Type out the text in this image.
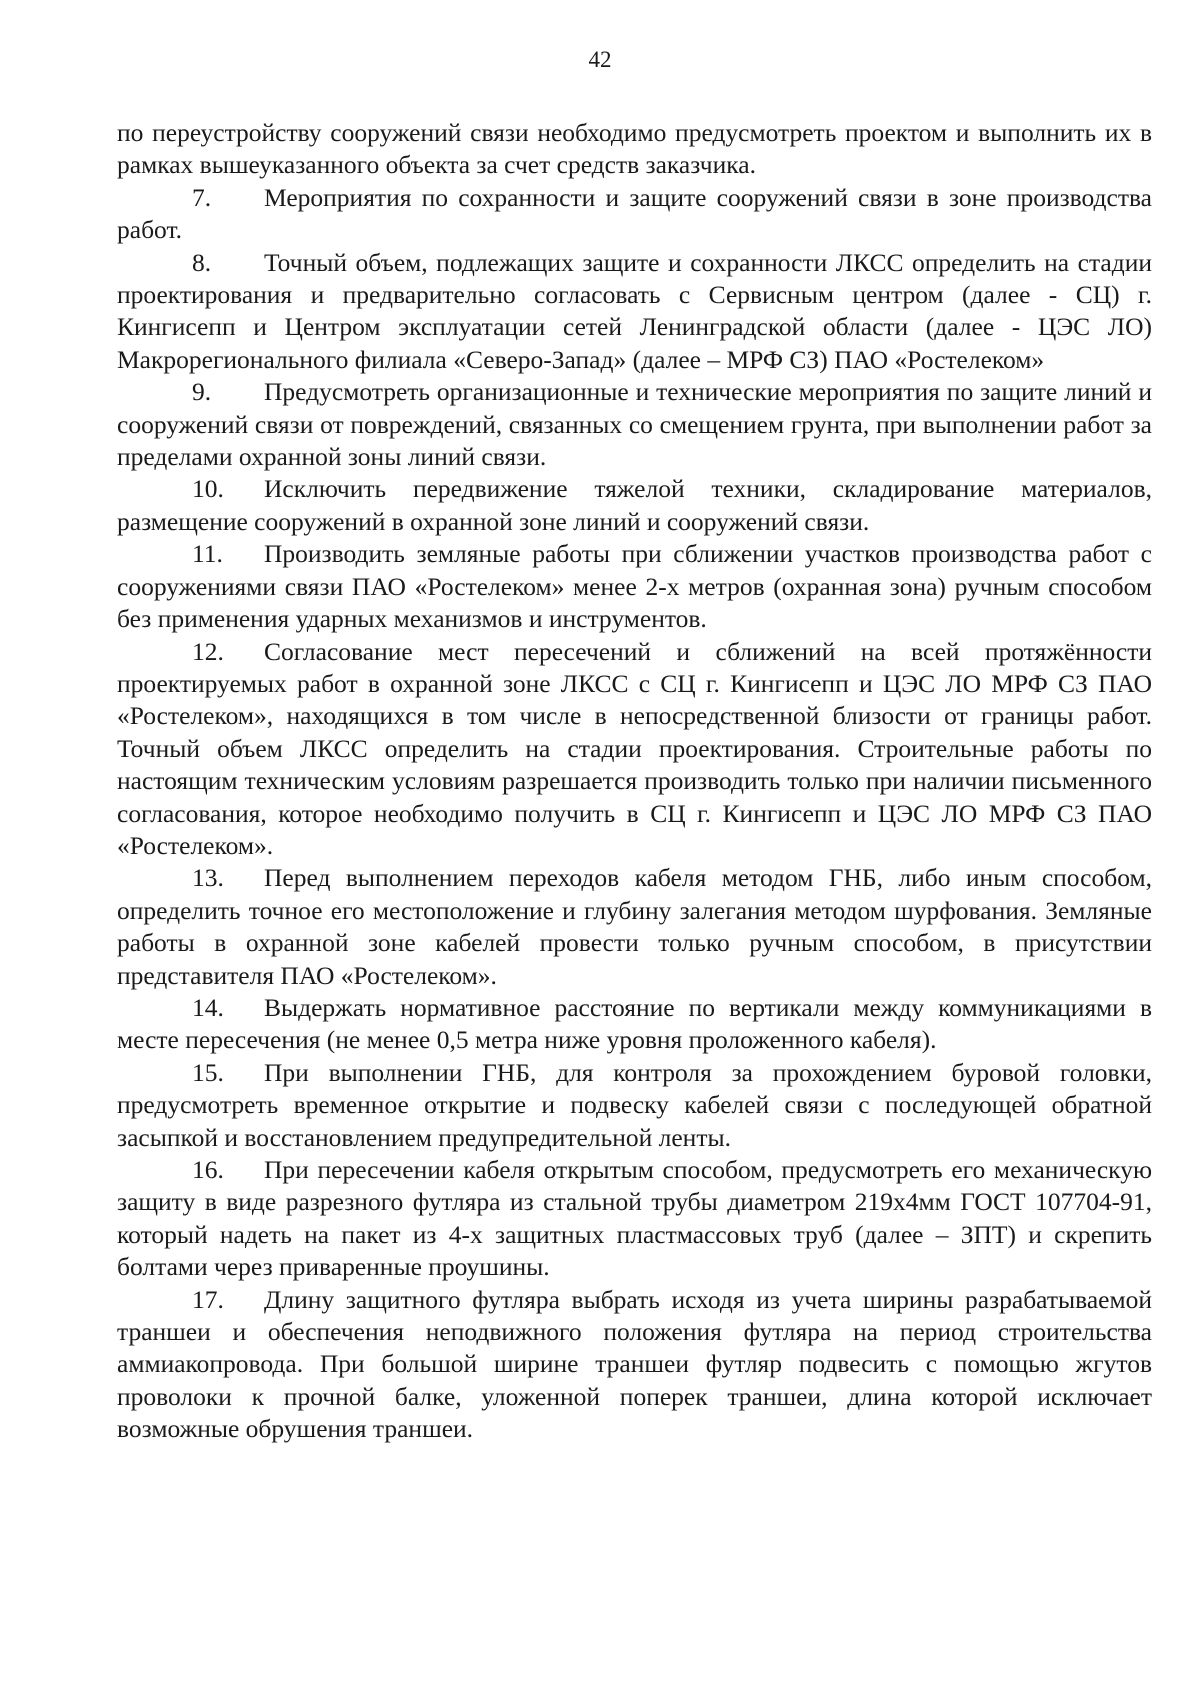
42

по переустройству сооружений связи необходимо предусмотреть проектом и выполнить их в рамках вышеуказанного объекта за счет средств заказчика.

7. Мероприятия по сохранности и защите сооружений связи в зоне производства работ.

8. Точный объем, подлежащих защите и сохранности ЛКСС определить на стадии проектирования и предварительно согласовать с Сервисным центром (далее - СЦ) г. Кингисепп и Центром эксплуатации сетей Ленинградской области (далее - ЦЭС ЛО) Макрорегионального филиала «Северо-Запад» (далее – МРФ СЗ) ПАО «Ростелеком»

9. Предусмотреть организационные и технические мероприятия по защите линий и сооружений связи от повреждений, связанных со смещением грунта, при выполнении работ за пределами охранной зоны линий связи.

10. Исключить передвижение тяжелой техники, складирование материалов, размещение сооружений в охранной зоне линий и сооружений связи.

11. Производить земляные работы при сближении участков производства работ с сооружениями связи ПАО «Ростелеком» менее 2-х метров (охранная зона) ручным способом без применения ударных механизмов и инструментов.

12. Согласование мест пересечений и сближений на всей протяжённости проектируемых работ в охранной зоне ЛКСС с СЦ г. Кингисепп и ЦЭС ЛО МРФ СЗ ПАО «Ростелеком», находящихся в том числе в непосредственной близости от границы работ. Точный объем ЛКСС определить на стадии проектирования. Строительные работы по настоящим техническим условиям разрешается производить только при наличии письменного согласования, которое необходимо получить в СЦ г. Кингисепп и ЦЭС ЛО МРФ СЗ ПАО «Ростелеком».

13. Перед выполнением переходов кабеля методом ГНБ, либо иным способом, определить точное его местоположение и глубину залегания методом шурфования. Земляные работы в охранной зоне кабелей провести только ручным способом, в присутствии представителя ПАО «Ростелеком».

14. Выдержать нормативное расстояние по вертикали между коммуникациями в месте пересечения (не менее 0,5 метра ниже уровня проложенного кабеля).

15. При выполнении ГНБ, для контроля за прохождением буровой головки, предусмотреть временное открытие и подвеску кабелей связи с последующей обратной засыпкой и восстановлением предупредительной ленты.

16. При пересечении кабеля открытым способом, предусмотреть его механическую защиту в виде разрезного футляра из стальной трубы диаметром 219х4мм ГОСТ 107704-91, который надеть на пакет из 4-х защитных пластмассовых труб (далее – ЗПТ) и скрепить болтами через приваренные проушины.

17. Длину защитного футляра выбрать исходя из учета ширины разрабатываемой траншеи и обеспечения неподвижного положения футляра на период строительства аммиакопровода. При большой ширине траншеи футляр подвесить с помощью жгутов проволоки к прочной балке, уложенной поперек траншеи, длина которой исключает возможные обрушения траншеи.
